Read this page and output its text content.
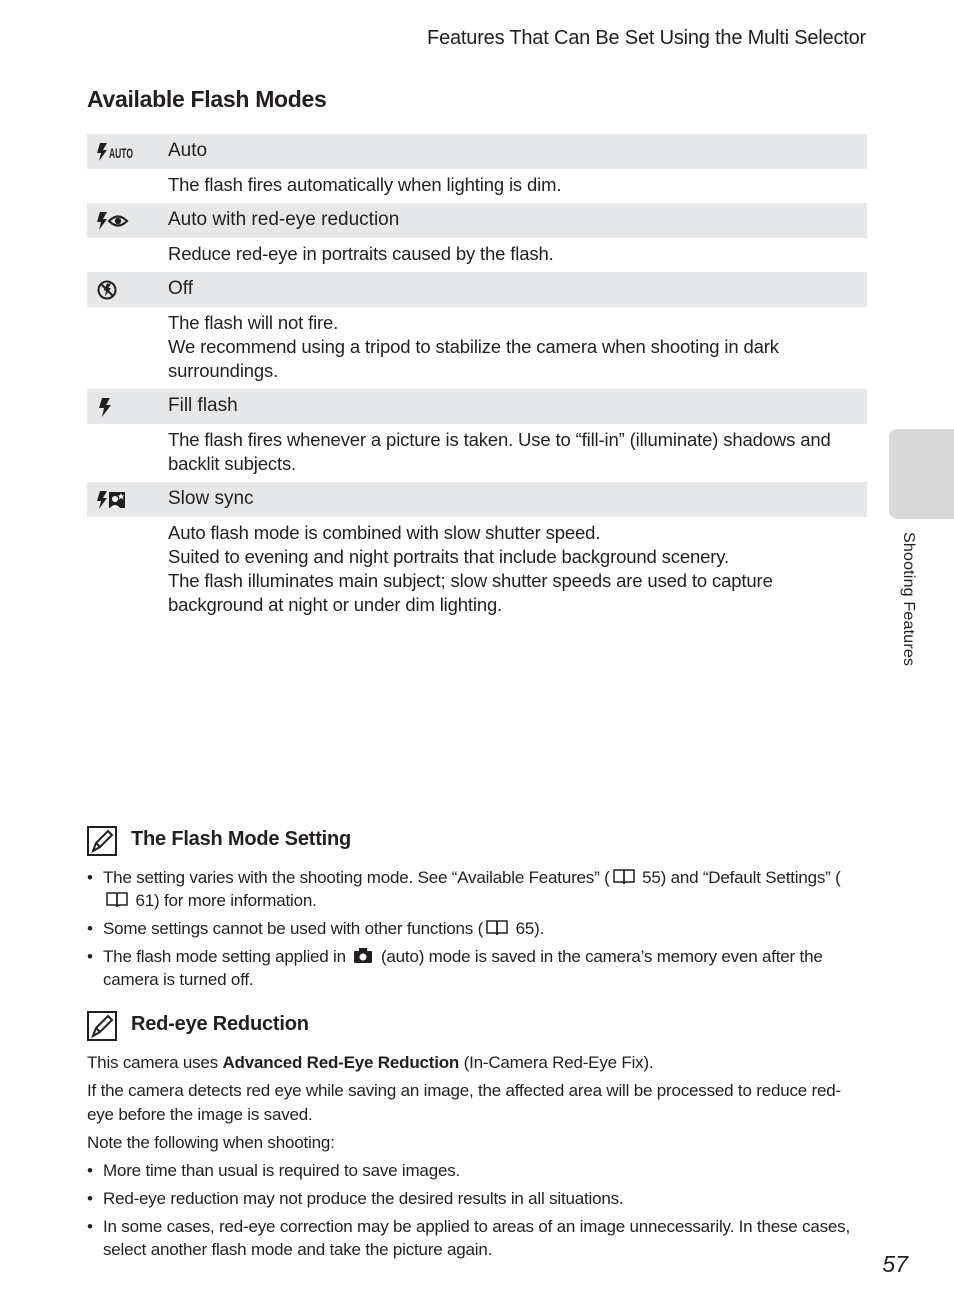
Features That Can Be Set Using the Multi Selector
Available Flash Modes
AUTO Auto
The flash fires automatically when lighting is dim.
Auto with red-eye reduction
Reduce red-eye in portraits caused by the flash.
Off
The flash will not fire.
We recommend using a tripod to stabilize the camera when shooting in dark surroundings.
Fill flash
The flash fires whenever a picture is taken. Use to “fill-in” (illuminate) shadows and backlit subjects.
Slow sync
Auto flash mode is combined with slow shutter speed.
Suited to evening and night portraits that include background scenery.
The flash illuminates main subject; slow shutter speeds are used to capture background at night or under dim lighting.
The Flash Mode Setting
• The setting varies with the shooting mode. See “Available Features” ( 55) and “Default Settings” ( 61) for more information.
• Some settings cannot be used with other functions ( 65).
• The flash mode setting applied in  (auto) mode is saved in the camera’s memory even after the camera is turned off.
Red-eye Reduction

This camera uses Advanced Red-Eye Reduction (In-Camera Red-Eye Fix).

If the camera detects red eye while saving an image, the affected area will be processed to reduce red-eye before the image is saved.

Note the following when shooting:

• More time than usual is required to save images.
• Red-eye reduction may not produce the desired results in all situations.
• In some cases, red-eye correction may be applied to areas of an image unnecessarily. In these cases, select another flash mode and take the picture again.
Shooting Features
57
